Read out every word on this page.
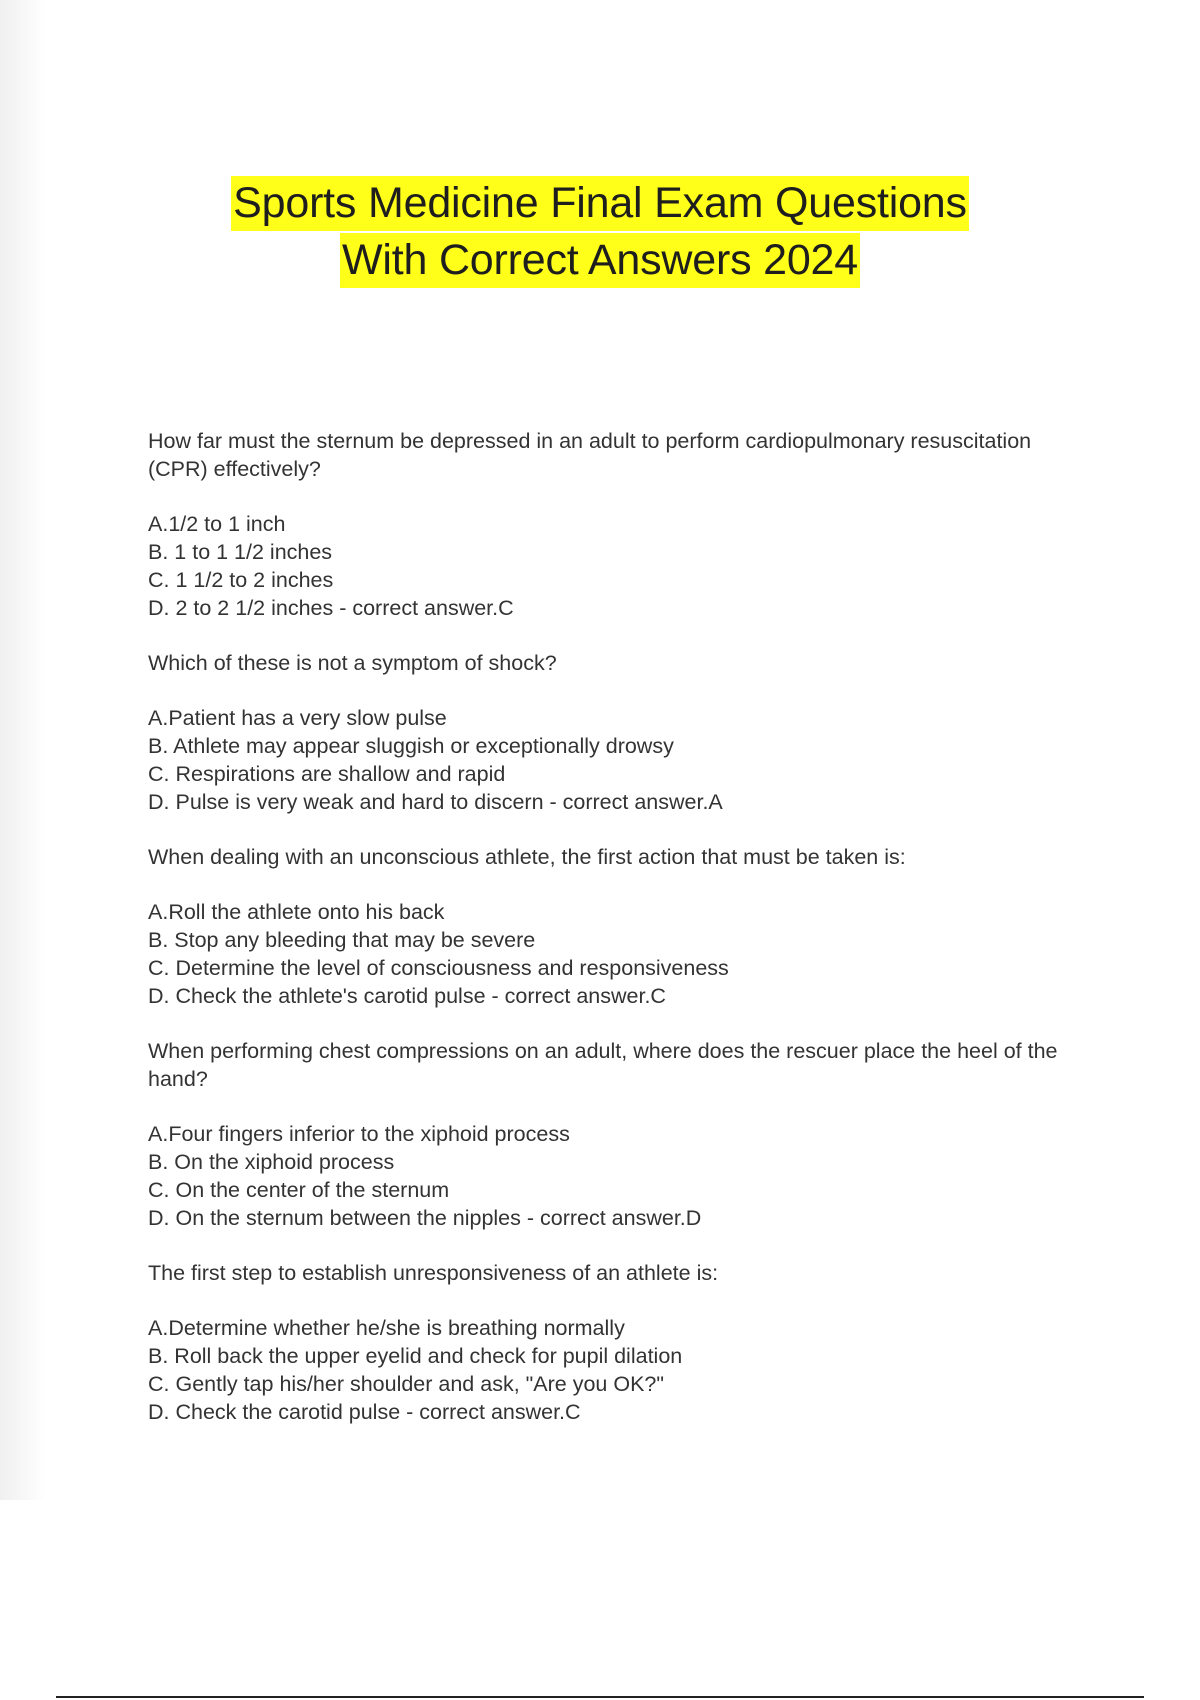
Sports Medicine Final Exam Questions
With Correct Answers 2024

How far must the sternum be depressed in an adult to perform cardiopulmonary resuscitation (CPR) effectively?

A.1/2 to 1 inch

B. 1 to 1 1/2 inches

C. 1 1/2 to 2 inches

D. 2 to 2 1/2 inches - correct answer.C

Which of these is not a symptom of shock?

A.Patient has a very slow pulse

B. Athlete may appear sluggish or exceptionally drowsy

C. Respirations are shallow and rapid

D. Pulse is very weak and hard to discern - correct answer.A

When dealing with an unconscious athlete, the first action that must be taken is:

A.Roll the athlete onto his back

B. Stop any bleeding that may be severe

C. Determine the level of consciousness and responsiveness

D. Check the athlete's carotid pulse - correct answer.C

When performing chest compressions on an adult, where does the rescuer place the heel of the hand?

A.Four fingers inferior to the xiphoid process

B. On the xiphoid process

C. On the center of the sternum

D. On the sternum between the nipples - correct answer.D

The first step to establish unresponsiveness of an athlete is:

A.Determine whether he/she is breathing normally

B. Roll back the upper eyelid and check for pupil dilation

C. Gently tap his/her shoulder and ask, "Are you OK?"

D. Check the carotid pulse - correct answer.C
